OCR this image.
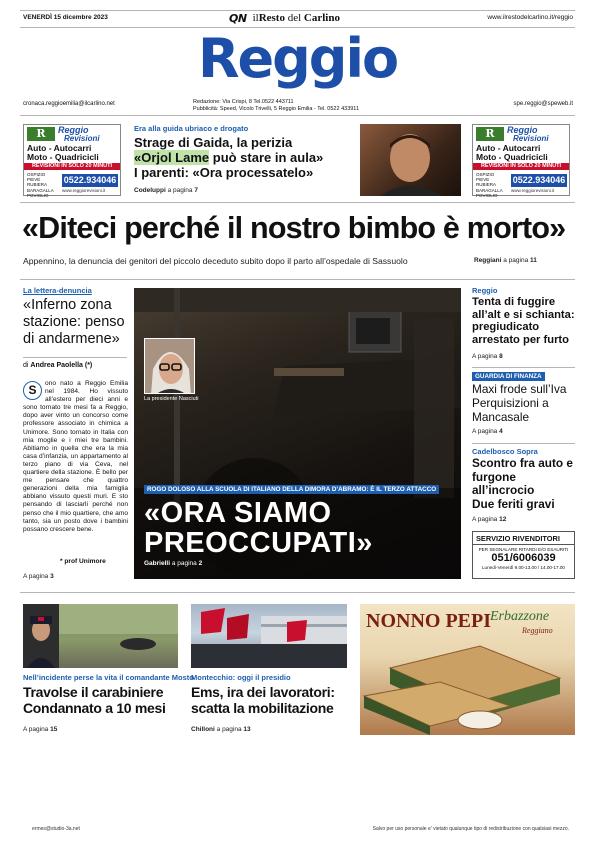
VENERDÌ 15 dicembre 2023	QN il Resto del Carlino	www.ilrestodelcarlino.it/reggio
Reggio
cronaca.reggioemilia@ilcarlino.net	Redazione: Via Crispi, 8 Tel.0522 443711
Pubblicità: Speed, Vicolo Trivelli, 5 Reggio Emilia - Tel. 0522 433911
spe.reggio@speweb.it
R	Reggio
Revisioni
Auto - Autocarri
Moto - Quadricicli
REVISIONI IN SOLO 20 MINUTI
OSPIZIO
PIEVE
RUBIERA
BARAGALLA
POVIGLIO
0522.934046
www.reggiorevisioni.it
R	Reggio
Revisioni
Auto - Autocarri
Moto - Quadricicli
REVISIONI IN SOLO 20 MINUTI
OSPIZIO
PIEVE
RUBIERA
BARAGALLA
POVIGLIO
0522.934046
www.reggiorevisioni.it
Era alla guida ubriaco e drogato
Strage di Gaida, la perizia
«Orjol Lame può stare in aula»
I parenti: «Ora processatelo»
Codeluppi a pagina 7
«Diteci perché il nostro bimbo è morto»
Appennino, la denuncia dei genitori del piccolo deceduto subito dopo il parto all’ospedale di Sassuolo	Reggiani a pagina 11
La lettera-denuncia
«Inferno zona stazione: penso di andarmene»
di Andrea Paolella (*)
S	ono nato a Reggio Emilia nel 1984. Ho vissuto all’estero per dieci anni e sono tornato tre mesi fa a Reggio, dopo aver vinto un concorso come professore associato in chimica a Unimore. Sono tornato in Italia con mia moglie e i miei tre bambini. Abitiamo in quella che era la mia casa d’infanzia, un appartamento al terzo piano di via Ceva, nel quartiere della stazione. È bello per me pensare che quattro generazioni della mia famiglia abbiano vissuto questi muri. E sto pensando di lasciarli perché non penso che il mio quartiere, che amo tanto, sia un posto dove i bambini possano crescere bene.
* prof Unimore
A pagina 3
La presidente Nasciuti
ROGO DOLOSO ALLA SCUOLA DI ITALIANO DELLA DIMORA D’ABRAMO: È IL TERZO ATTACCO
«ORA SIAMO
PREOCCUPATI»
Gabrielli a pagina 2
Reggio
Tenta di fuggire all’alt e si schianta: pregiudicato arrestato per furto
A pagina 8
GUARDIA DI FINANZA
Maxi frode sull’Iva Perquisizioni a Mancasale
A pagina 4
Cadelbosco Sopra
Scontro fra auto e furgone all’incrocio
Due feriti gravi
A pagina 12
SERVIZIO RIVENDITORI
PER SEGNALARE RITARDI E/O ESAURITI
051/6006039
Lunedì-Venerdì 9.00-13.00 / 14.00-17.00
Nell’incidente perse la vita il comandante Mosto
Travolse il carabiniere
Condannato a 10 mesi
A pagina 15
Montecchio: oggi il presidio
Ems, ira dei lavoratori:
scatta la mobilitazione
Chilloni a pagina 13
NONNO PEPI Erbazzone
Reggiano
ermes@studio-3a.net	Salvo per uso personale e' vietato qualunque tipo di redistribuzione con qualsiasi mezzo.
